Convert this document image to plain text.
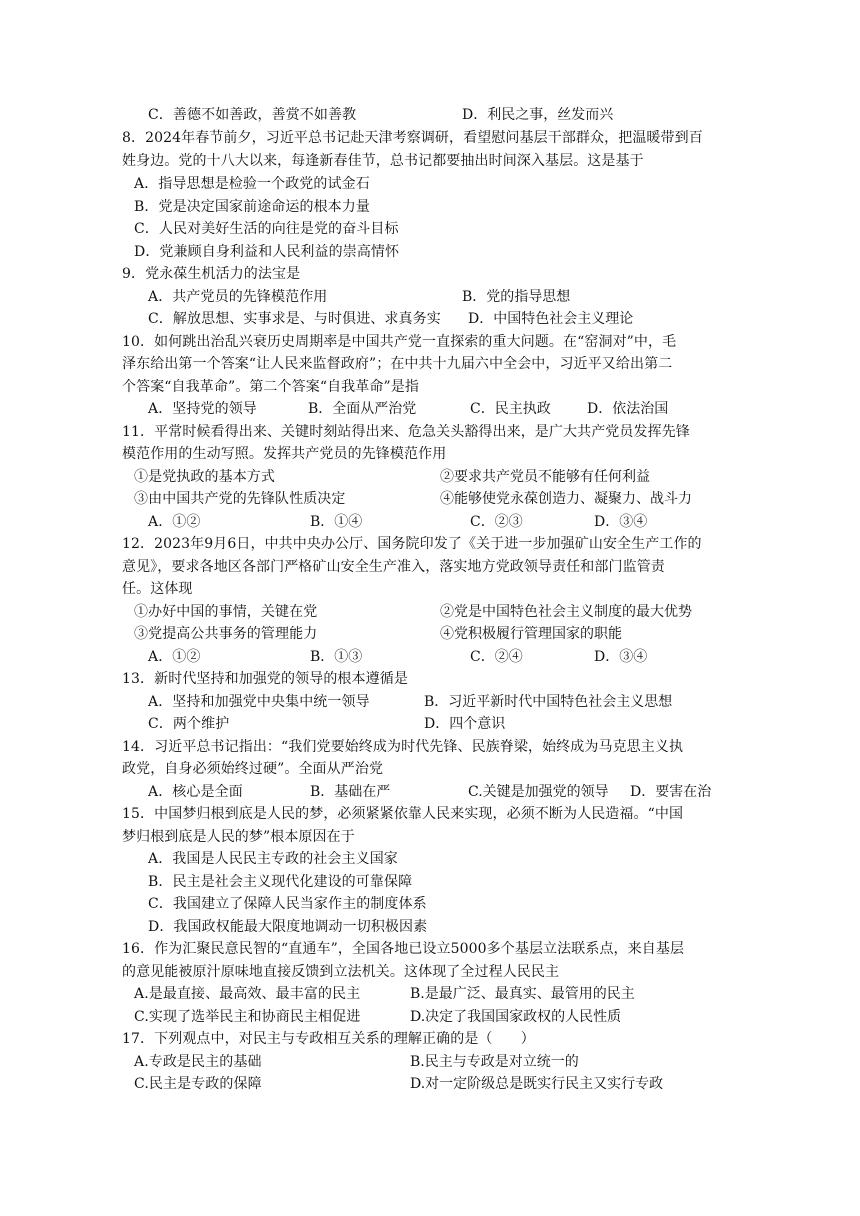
C．善德不如善政，善赏不如善教	D．利民之事，丝发而兴
8．2024年春节前夕，习近平总书记赴天津考察调研，看望慰问基层干部群众，把温暖带到百
姓身边。党的十八大以来，每逢新春佳节，总书记都要抽出时间深入基层。这是基于
A．指导思想是检验一个政党的试金石
B．党是决定国家前途命运的根本力量
C．人民对美好生活的向往是党的奋斗目标
D．党兼顾自身利益和人民利益的崇高情怀
9．党永葆生机活力的法宝是
A．共产党员的先锋模范作用	B．党的指导思想
C．解放思想、实事求是、与时俱进、求真务实 D．中国特色社会主义理论
10．如何跳出治乱兴衰历史周期率是中国共产党一直探索的重大问题。在“窑洞对”中，毛
泽东给出第一个答案“让人民来监督政府”；在中共十九届六中全会中，习近平又给出第二
个答案“自我革命”。第二个答案“自我革命”是指
A．坚持党的领导	B．全面从严治党	C．民主执政	D．依法治国
11．平常时候看得出来、关键时刻站得出来、危急关头豁得出来，是广大共产党员发挥先锋
模范作用的生动写照。发挥共产党员的先锋模范作用
①是党执政的基本方式	②要求共产党员不能够有任何利益
③由中国共产党的先锋队性质决定	④能够使党永葆创造力、凝聚力、战斗力
A．①②	B．①④	C．②③	D．③④
12．2023年9月6日，中共中央办公厅、国务院印发了《关于进一步加强矿山安全生产工作的
意见》，要求各地区各部门严格矿山安全生产准入，落实地方党政领导责任和部门监管责
任。这体现
①办好中国的事情，关键在党	②党是中国特色社会主义制度的最大优势
③党提高公共事务的管理能力	④党积极履行管理国家的职能
A．①②	B．①③	C．②④	D．③④
13．新时代坚持和加强党的领导的根本遵循是
A．坚持和加强党中央集中统一领导	B．习近平新时代中国特色社会主义思想
C．两个维护	D．四个意识
14．习近平总书记指出：“我们党要始终成为时代先锋、民族脊梁，始终成为马克思主义执
政党，自身必须始终过硬”。全面从严治党
A．核心是全面	B．基础在严	C.关键是加强党的领导 D．要害在治
15．中国梦归根到底是人民的梦，必须紧紧依靠人民来实现，必须不断为人民造福。“中国
梦归根到底是人民的梦”根本原因在于
A．我国是人民民主专政的社会主义国家
B．民主是社会主义现代化建设的可靠保障
C．我国建立了保障人民当家作主的制度体系
D．我国政权能最大限度地调动一切积极因素
16．作为汇聚民意民智的“直通车”，全国各地已设立5000多个基层立法联系点，来自基层
的意见能被原汁原味地直接反馈到立法机关。这体现了全过程人民民主
A.是最直接、最高效、最丰富的民主	B.是最广泛、最真实、最管用的民主
C.实现了选举民主和协商民主相促进	D.决定了我国国家政权的人民性质
17．下列观点中，对民主与专政相互关系的理解正确的是（　　）
A.专政是民主的基础	B.民主与专政是对立统一的
C.民主是专政的保障	D.对一定阶级总是既实行民主又实行专政
